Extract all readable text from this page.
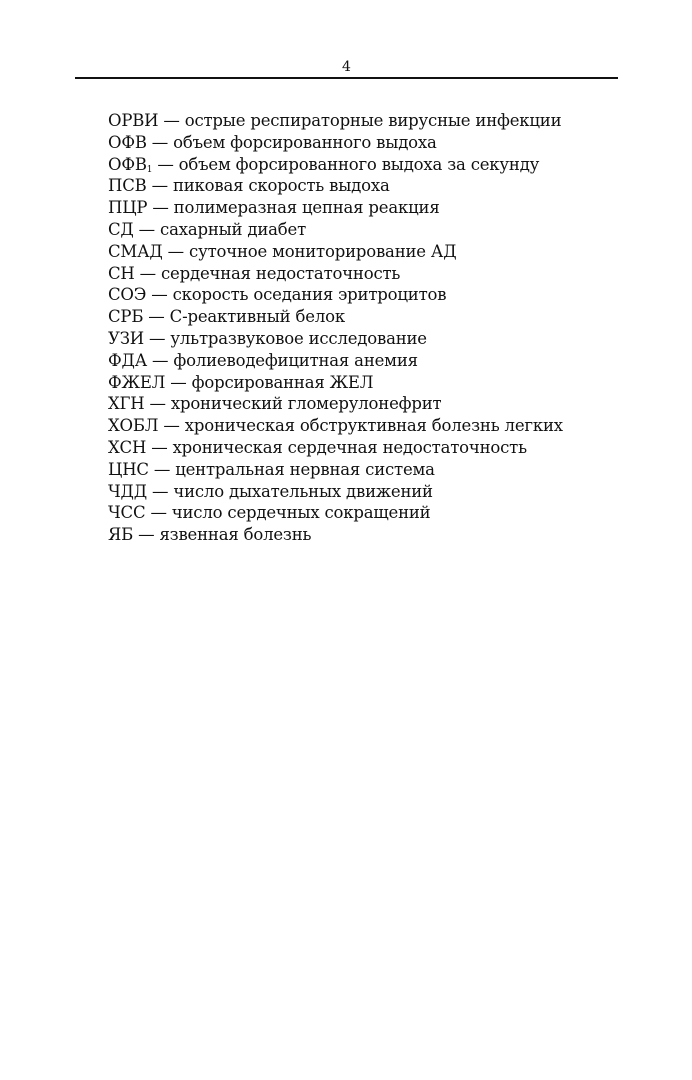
4
ОРВИ — острые респираторные вирусные инфекции
ОФВ — объем форсированного выдоха
$ОФВ_1$ — объем форсированного выдоха за секунду
ПСВ — пиковая скорость выдоха
ПЦР — полимеразная цепная реакция
СД — сахарный диабет
СМАД — суточное мониторирование АД
СН — сердечная недостаточность
СОЭ — скорость оседания эритроцитов
СРБ — С-реактивный белок
УЗИ — ультразвуковое исследование
ФДА — фолиеводефицитная анемия
ФЖЕЛ — форсированная ЖЕЛ
ХГН — хронический гломерулонефрит
ХОБЛ — хроническая обструктивная болезнь легких
ХСН — хроническая сердечная недостаточность
ЦНС — центральная нервная система
ЧДД — число дыхательных движений
ЧСС — число сердечных сокращений
ЯБ — язвенная болезнь
